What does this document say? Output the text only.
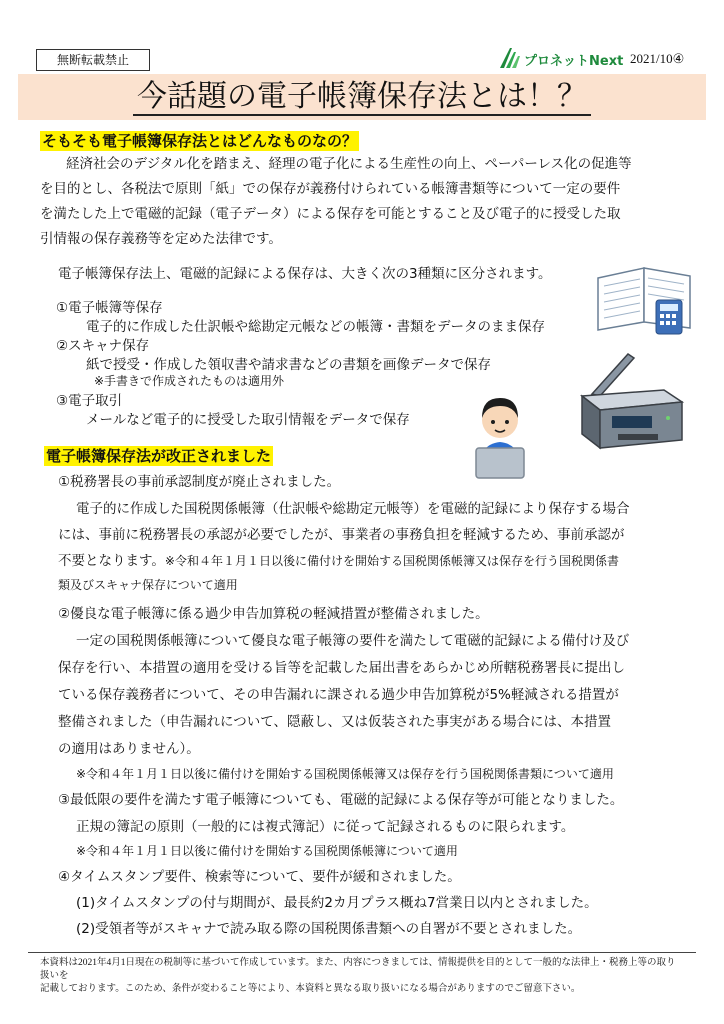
無断転載禁止	プロネットNext 2021/10④
今話題の電子帳簿保存法とは！？
そもそも電子帳簿保存法とはどんなものなの？
経済社会のデジタル化を踏まえ、経理の電子化による生産性の向上、ペーパーレス化の促進等
を目的とし、各税法で原則「紙」での保存が義務付けられている帳簿書類等について一定の要件
を満たした上で電磁的記録（電子データ）による保存を可能とすること及び電子的に授受した取
引情報の保存義務等を定めた法律です。
電子帳簿保存法上、電磁的記録による保存は、大きく次の3種類に区分されます。
①電子帳簿等保存
電子的に作成した仕訳帳や総勘定元帳などの帳簿・書類をデータのまま保存
②スキャナ保存
紙で授受・作成した領収書や請求書などの書類を画像データで保存
※手書きで作成されたものは適用外
③電子取引
メールなど電子的に授受した取引情報をデータで保存
電子帳簿保存法が改正されました
①税務署長の事前承認制度が廃止されました。
電子的に作成した国税関係帳簿（仕訳帳や総勘定元帳等）を電磁的記録により保存する場合
には、事前に税務署長の承認が必要でしたが、事業者の事務負担を軽減するため、事前承認が
不要となります。※令和４年１月１日以後に備付けを開始する国税関係帳簿又は保存を行う国税関係書
類及びスキャナ保存について適用
②優良な電子帳簿に係る過少申告加算税の軽減措置が整備されました。
一定の国税関係帳簿について優良な電子帳簿の要件を満たして電磁的記録による備付け及び
保存を行い、本措置の適用を受ける旨等を記載した届出書をあらかじめ所轄税務署長に提出し
ている保存義務者について、その申告漏れに課される過少申告加算税が5%軽減される措置が
整備されました（申告漏れについて、隠蔽し、又は仮装された事実がある場合には、本措置
の適用はありません）。
※令和４年１月１日以後に備付けを開始する国税関係帳簿又は保存を行う国税関係書類について適用
③最低限の要件を満たす電子帳簿についても、電磁的記録による保存等が可能となりました。
正規の簿記の原則（一般的には複式簿記）に従って記録されるものに限られます。
※令和４年１月１日以後に備付けを開始する国税関係帳簿について適用
④タイムスタンプ要件、検索等について、要件が緩和されました。
(1)タイムスタンプの付与期間が、最長約2カ月プラス概ね7営業日以内とされました。
(2)受領者等がスキャナで読み取る際の国税関係書類への自署が不要とされました。
本資料は2021年4月1日現在の税制等に基づいて作成しています。また、内容につきましては、情報提供を目的として一般的な法律上・税務上等の取り扱いを
記載しております。このため、条件が変わること等により、本資料と異なる取り扱いになる場合がありますのでご留意下さい。
